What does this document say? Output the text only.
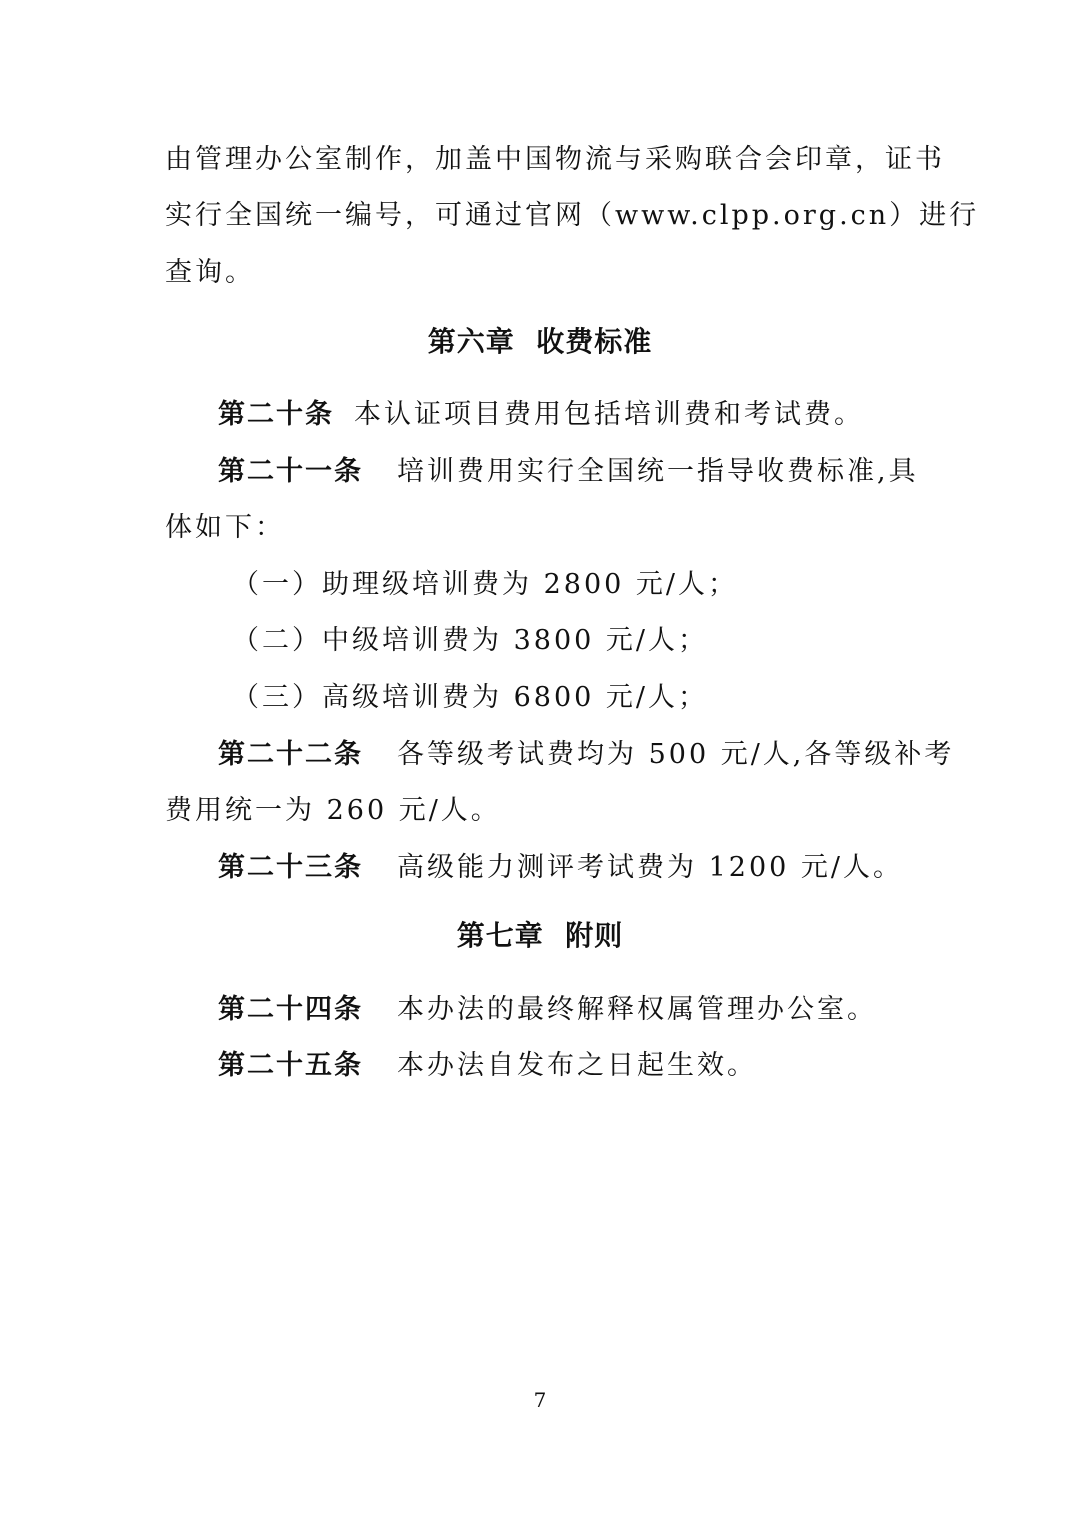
由管理办公室制作，加盖中国物流与采购联合会印章，证书
实行全国统一编号，可通过官网（www.clpp.org.cn）进行
查询。
第六章  收费标准
第二十条 本认证项目费用包括培训费和考试费。
第二十一条 培训费用实行全国统一指导收费标准,具
体如下：
（一）助理级培训费为 2800 元/人；
（二）中级培训费为 3800 元/人；
（三）高级培训费为 6800 元/人；
第二十二条 各等级考试费均为 500 元/人,各等级补考
费用统一为 260 元/人。
第二十三条 高级能力测评考试费为 1200 元/人。
第七章  附则
第二十四条 本办法的最终解释权属管理办公室。
第二十五条 本办法自发布之日起生效。
7
